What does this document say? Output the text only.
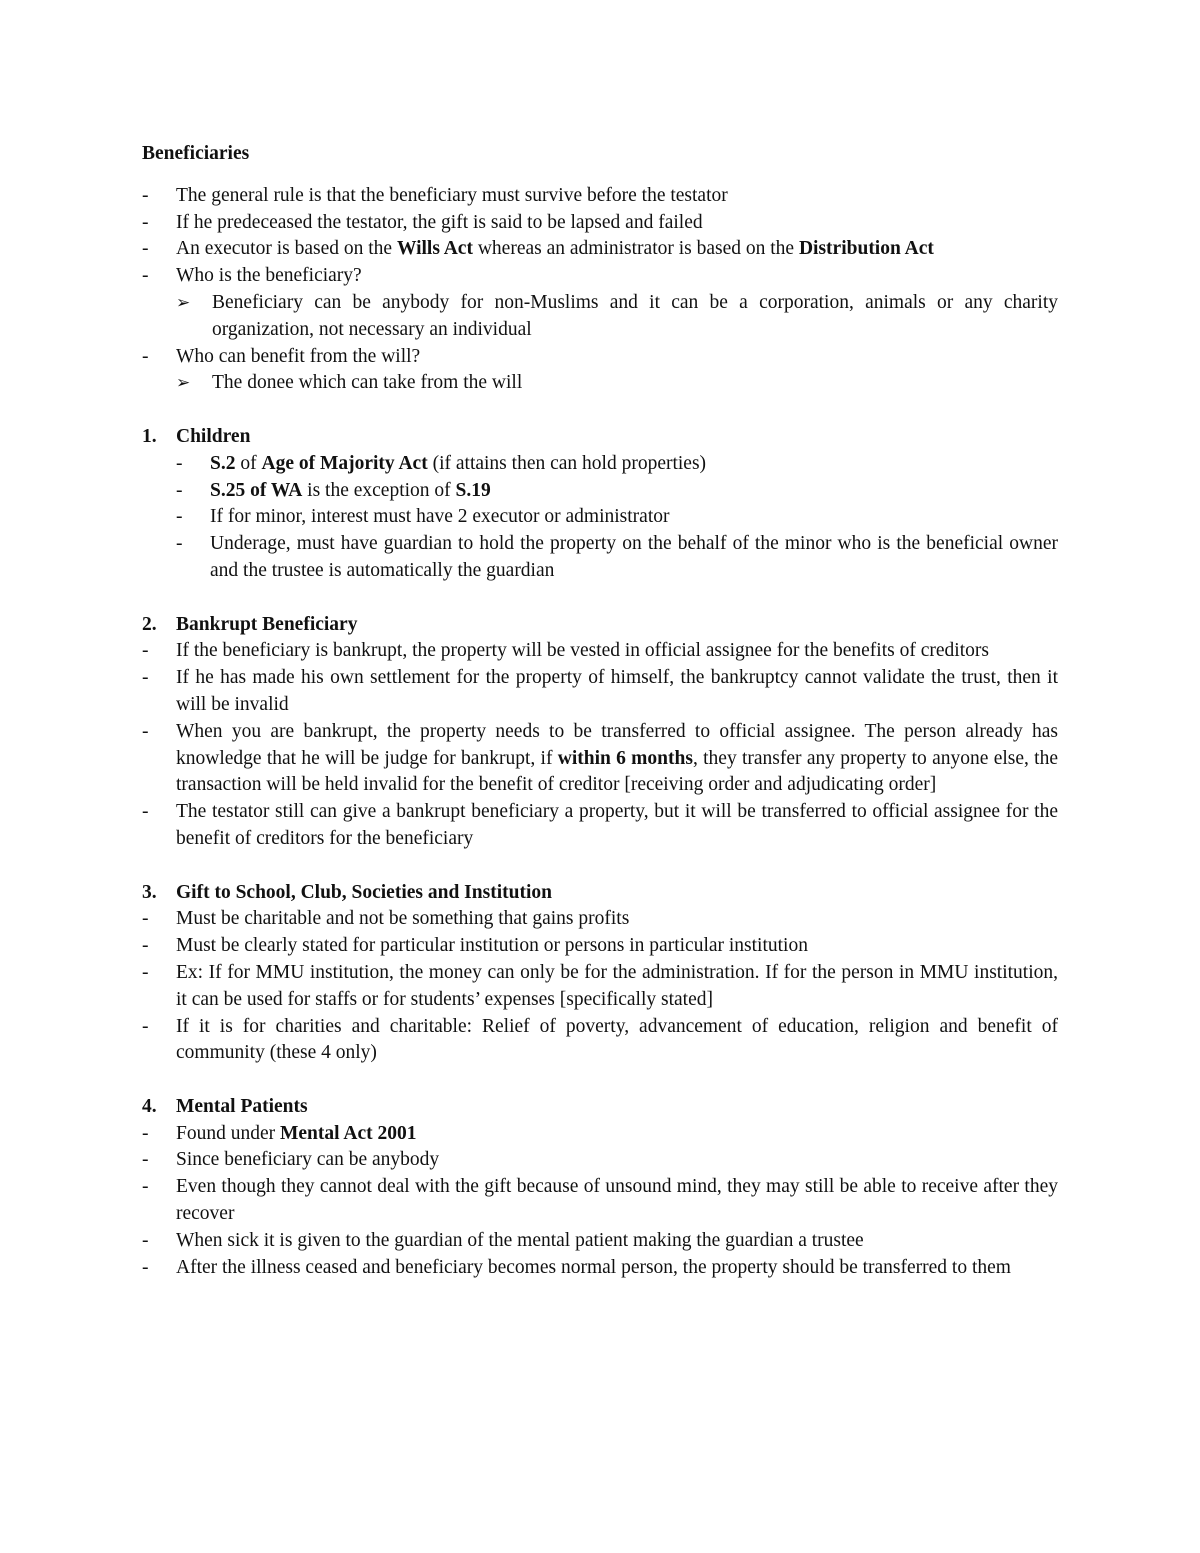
Beneficiaries
-	The general rule is that the beneficiary must survive before the testator
-	If he predeceased the testator, the gift is said to be lapsed and failed
-	An executor is based on the Wills Act whereas an administrator is based on the Distribution Act
-	Who is the beneficiary?
➢	Beneficiary can be anybody for non-Muslims and it can be a corporation, animals or any charity organization, not necessary an individual
-	Who can benefit from the will?
➢	The donee which can take from the will
1. Children
-	S.2 of Age of Majority Act (if attains then can hold properties)
-	S.25 of WA is the exception of S.19
-	If for minor, interest must have 2 executor or administrator
-	Underage, must have guardian to hold the property on the behalf of the minor who is the beneficial owner and the trustee is automatically the guardian
2. Bankrupt Beneficiary
-	If the beneficiary is bankrupt, the property will be vested in official assignee for the benefits of creditors
-	If he has made his own settlement for the property of himself, the bankruptcy cannot validate the trust, then it will be invalid
-	When you are bankrupt, the property needs to be transferred to official assignee. The person already has knowledge that he will be judge for bankrupt, if within 6 months, they transfer any property to anyone else, the transaction will be held invalid for the benefit of creditor [receiving order and adjudicating order]
-	The testator still can give a bankrupt beneficiary a property, but it will be transferred to official assignee for the benefit of creditors for the beneficiary
3. Gift to School, Club, Societies and Institution
-	Must be charitable and not be something that gains profits
-	Must be clearly stated for particular institution or persons in particular institution
-	Ex: If for MMU institution, the money can only be for the administration. If for the person in MMU institution, it can be used for staffs or for students’ expenses [specifically stated]
-	If it is for charities and charitable: Relief of poverty, advancement of education, religion and benefit of community (these 4 only)
4. Mental Patients
-	Found under Mental Act 2001
-	Since beneficiary can be anybody
-	Even though they cannot deal with the gift because of unsound mind, they may still be able to receive after they recover
-	When sick it is given to the guardian of the mental patient making the guardian a trustee
-	After the illness ceased and beneficiary becomes normal person, the property should be transferred to them
